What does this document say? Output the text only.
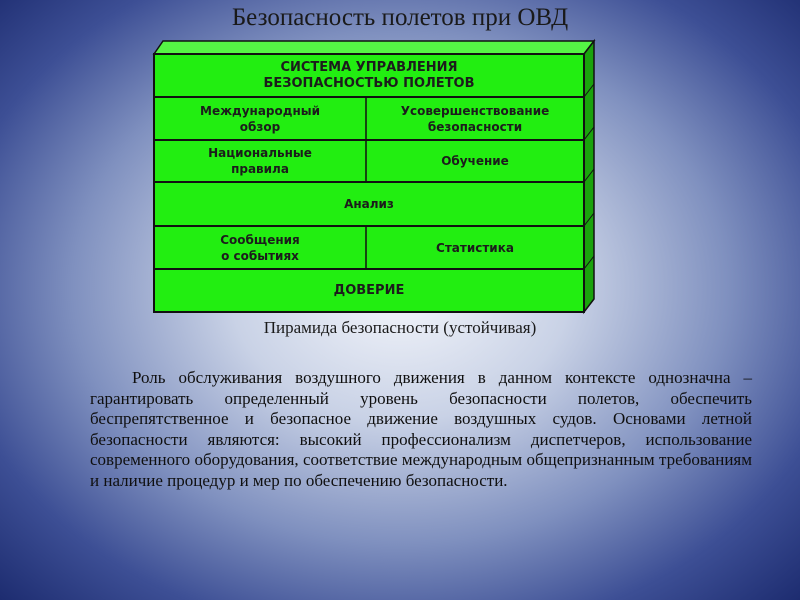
Безопасность полетов при ОВД
СИСТЕМА УПРАВЛЕНИЯ
БЕЗОПАСНОСТЬЮ ПОЛЕТОВ
Международный
обзор
Усовершенствование
безопасности
Национальные
правила
Обучение
Анализ
Сообщения
о событиях
Статистика
ДОВЕРИЕ
Пирамида безопасности (устойчивая)
Роль обслуживания воздушного движения в данном контексте однозначна – гарантировать определенный уровень безопасности полетов, обеспечить беспрепятственное и безопасное движение воздушных судов. Основами летной безопасности являются: высокий профессионализм диспетчеров, использование современного оборудования, соответствие международным общепризнанным требованиям и наличие процедур и мер по обеспечению безопасности.
